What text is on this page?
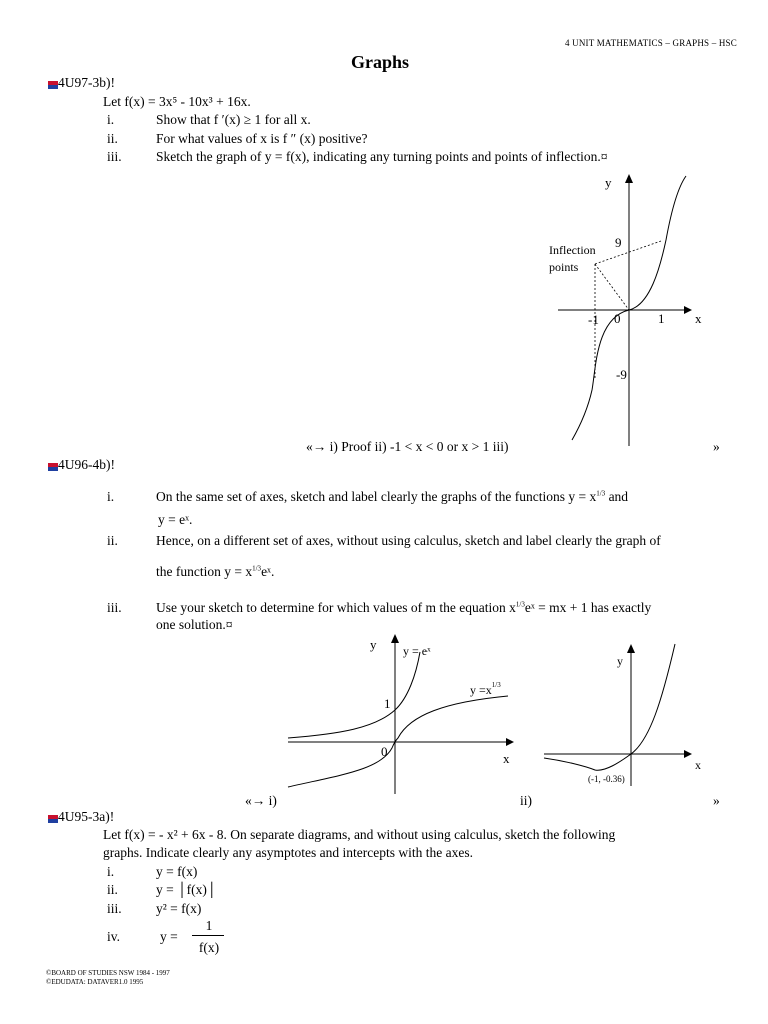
4 UNIT MATHEMATICS – GRAPHS – HSC
Graphs
4U97-3b)!
Let f(x) = 3x⁵ - 10x³ + 16x.
i.	Show that f ′(x) ≥ 1 for all x.
ii.	For what values of x is f ″ (x) positive?
iii.	Sketch the graph of y = f(x), indicating any turning points and points of inflection.¤
y
x
9
-9
-1 0	1
Inflection
points
«→ i) Proof ii) -1 < x < 0 or x > 1 iii)	»
4U96-4b)!
i.	On the same set of axes, sketch and label clearly the graphs of the functions $y = x^{1/3}$ and
y = eˣ.
ii.	Hence, on a different set of axes, without using calculus, sketch and label clearly the graph of
the function $y = x^{1/3}eˣ$.
iii.	Use your sketch to determine for which values of m the equation $x^{1/3}eˣ$ = mx + 1 has exactly
one solution.¤
y
x
0
1
y = eˣ
$y =x^{1/3}$
y
x
(-1, -0.36)
«→ i)	ii)	»
4U95-3a)!
Let f(x) = - x² + 6x - 8. On separate diagrams, and without using calculus, sketch the following
graphs. Indicate clearly any asymptotes and intercepts with the axes.
i.	y = f(x)
ii.	y = │f(x)│
iii.	y² = f(x)
iv.	y =
1
f(x)
©BOARD OF STUDIES NSW 1984 - 1997
©EDUDATA: DATAVER1.0 1995
